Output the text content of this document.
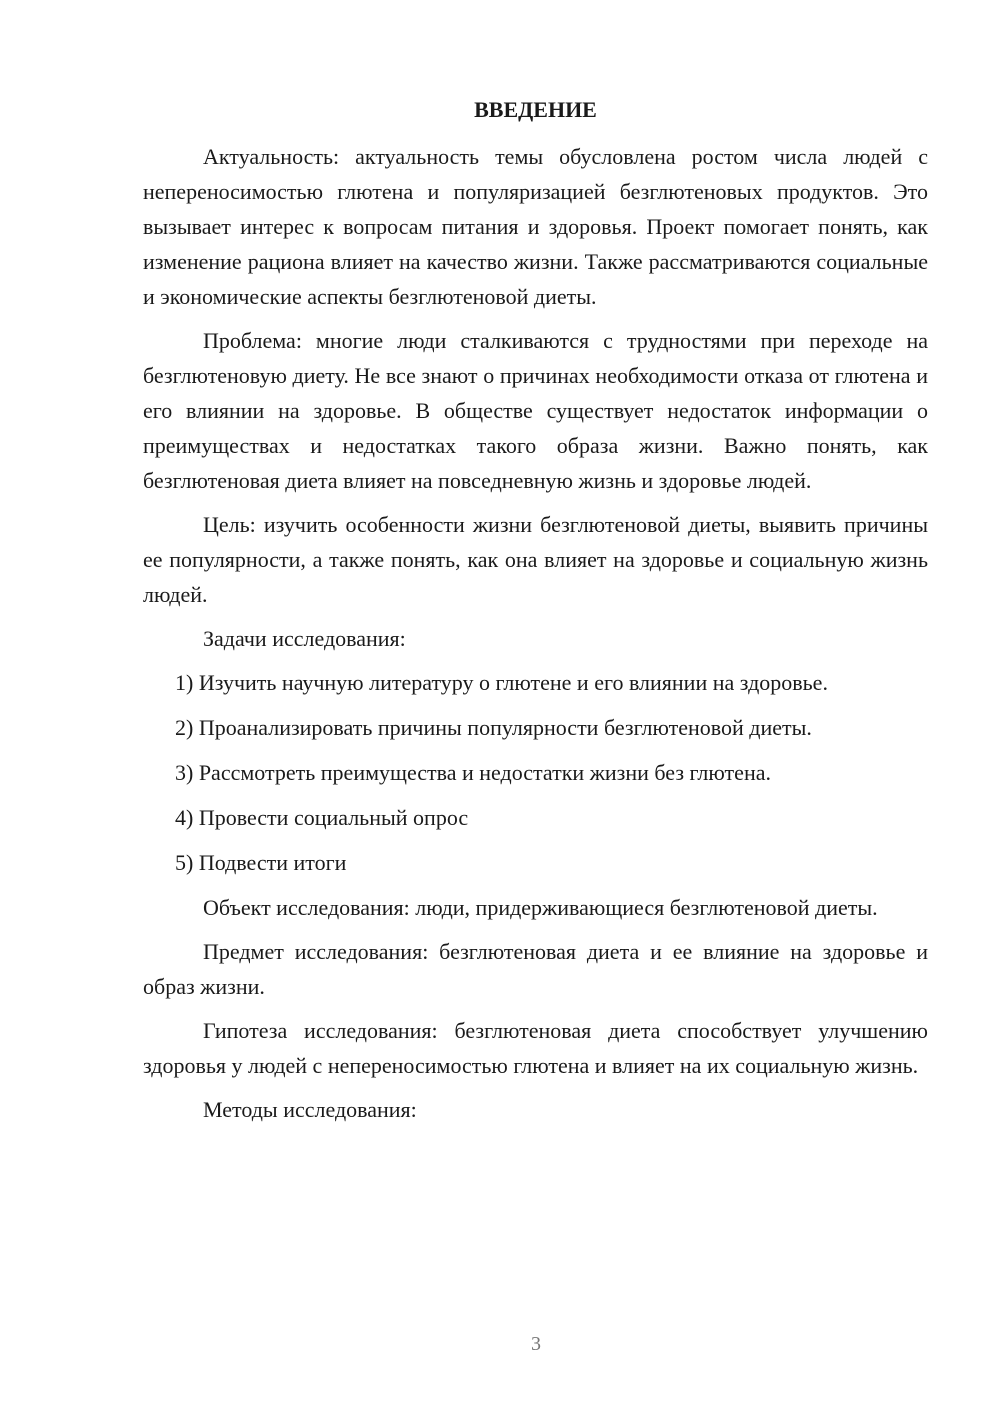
ВВЕДЕНИЕ

Актуальность: актуальность темы обусловлена ростом числа людей с непереносимостью глютена и популяризацией безглютеновых продуктов. Это вызывает интерес к вопросам питания и здоровья. Проект помогает понять, как изменение рациона влияет на качество жизни. Также рассматриваются социальные и экономические аспекты безглютеновой диеты.

Проблема: многие люди сталкиваются с трудностями при переходе на безглютеновую диету. Не все знают о причинах необходимости отказа от глютена и его влиянии на здоровье. В обществе существует недостаток информации о преимуществах и недостатках такого образа жизни. Важно понять, как безглютеновая диета влияет на повседневную жизнь и здоровье людей.

Цель: изучить особенности жизни безглютеновой диеты, выявить причины ее популярности, а также понять, как она влияет на здоровье и социальную жизнь людей.

Задачи исследования:

1) Изучить научную литературу о глютене и его влиянии на здоровье.

2) Проанализировать причины популярности безглютеновой диеты.

3) Рассмотреть преимущества и недостатки жизни без глютена.

4) Провести социальный опрос

5) Подвести итоги

Объект исследования: люди, придерживающиеся безглютеновой диеты.

Предмет исследования: безглютеновая диета и ее влияние на здоровье и образ жизни.

Гипотеза исследования: безглютеновая диета способствует улучшению здоровья у людей с непереносимостью глютена и влияет на их социальную жизнь.

Методы исследования:

3
